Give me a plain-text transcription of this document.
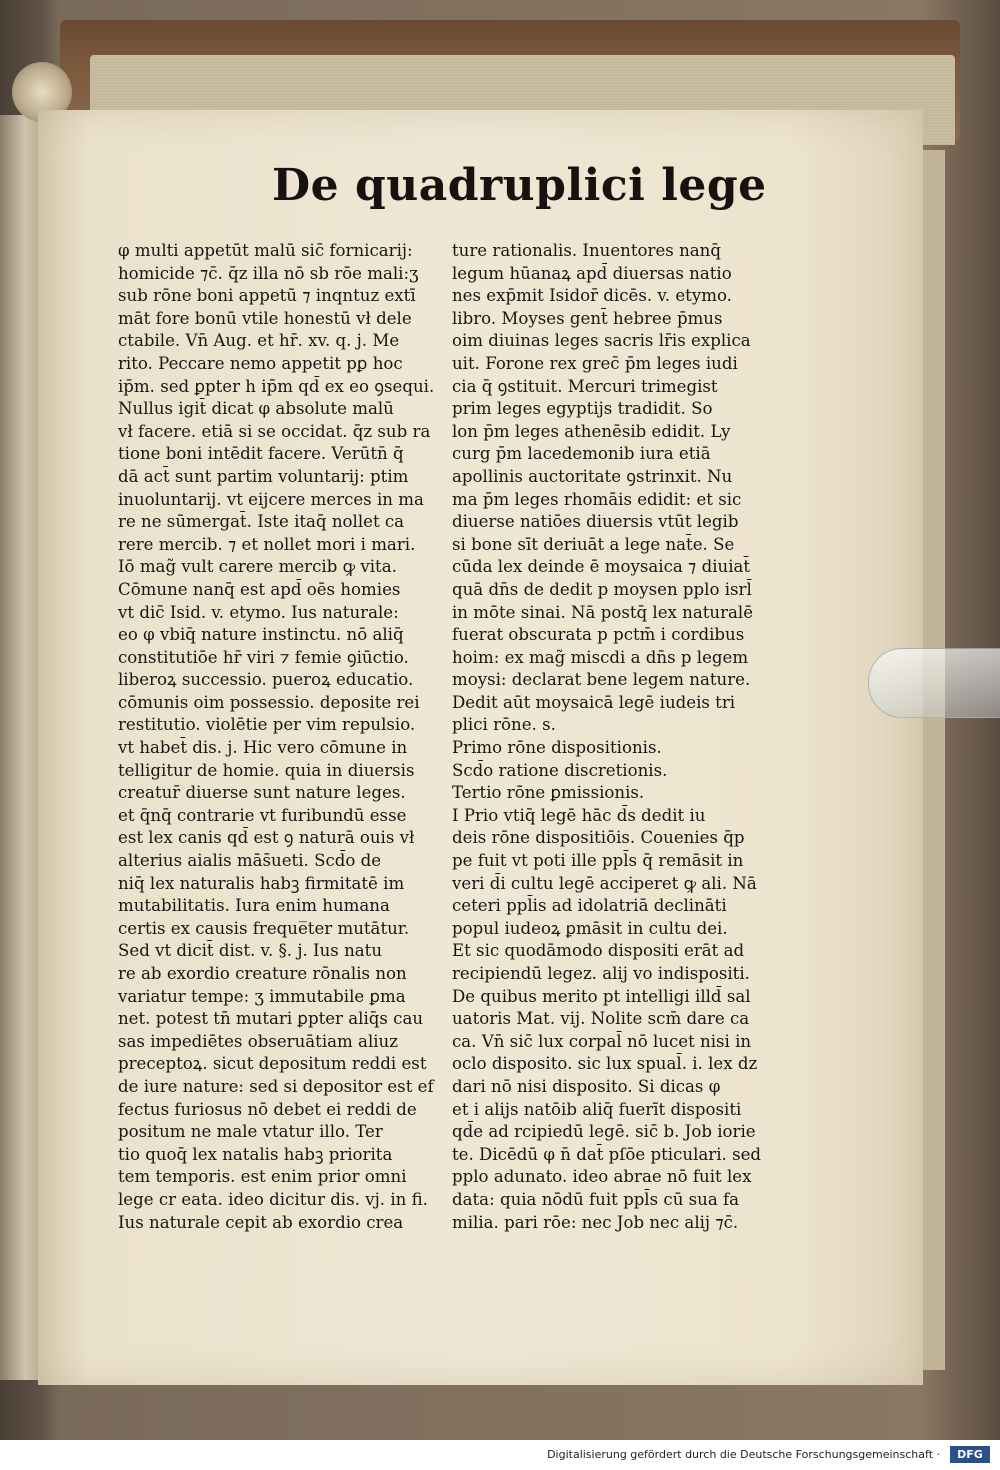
De quadruplici lege
φ multi appetūt malū sic̄ fornicarij:
homicide ⁊c̄. q̄z illa nō sb rōe mali:ʒ
sub rōne boni appetū ⁊ inqntuz extī
māt fore bonū vtile honestū vł dele
ctabile. Vn̄ Aug. et hr̄. xv. q. j. Me
rito. Peccare nemo appetit pꝑ hoc
ip̄m. sed ꝑpter h ip̄m qd̄ ex eo ꝯsequi.
Nullus igit̄ dicat φ absolute malū
vł facere. etiā si se occidat. q̄z sub ra
tione boni intēdit facere. Verūtn̄ q̄
dā act̄ sunt partim voluntarij: ptim
inuoluntarij. vt eijcere merces in ma
re ne sūmergat̄. Iste itaq̄ nollet ca
rere mercib. ⁊ et nollet mori i mari.
Iō mag̃ vult carere mercib ꝙ vita.
Cōmune nanq̄ est apd̄ oēs homies
vt dic̄ Isid. v. etymo. Ius naturale:
eo φ vbiq̄ nature instinctu. nō aliq̄
constitutiōe hr̄ viri ⁊ femie ꝯiūctio.
liberoꝝ successio. pueroꝝ educatio.
cōmunis oim possessio. deposite rei
restitutio. violētie per vim repulsio.
vt habet̄ dis. j. Hic vero cōmune in
telligitur de homie. quia in diuersis
creatur̄ diuerse sunt nature leges.
et q̄nq̄ contrarie vt furibundū esse
est lex canis qd̄ est ꝯ naturā ouis vł
alterius aialis mās̄ueti. Scd̄o de
niq̄ lex naturalis habꝫ firmitatē im
mutabilitatis. Iura enim humana
certis ex causis freque̅ter mutātur.
Sed vt dicit̄ dist. v. §. j. Ius natu
re ab exordio creature rōnalis non
variatur tempe: ʒ immutabile ꝑma
net. potest tn̄ mutari ꝑpter aliq̄s cau
sas impediētes obseruātiam aliuz
preceptoꝝ. sicut depositum reddi est
de iure nature: sed si depositor est ef
fectus furiosus nō debet ei reddi de
positum ne male vtatur illo. Ter
tio quoq̄ lex natalis habꝫ priorita
tem temporis. est enim prior omni
lege cr eata. ideo dicitur dis. vj. in fi.
Ius naturale cepit ab exordio crea
ture rationalis. Inuentores nanq̄
legum hūanaꝝ apd̄ diuersas natio
nes exp̄mit Isidor̄ dicēs. v. etymo.
libro. Moyses gent̄ hebree p̄mus
oim diuinas leges sacris lr̄is explica
uit. Forone rex grec̄ p̄m leges iudi
cia q̄ ꝯstituit. Mercuri trimegist
prim leges egyptijs tradidit. So
lon p̄m leges athenēsib edidit. Ly
curg p̄m lacedemonib iura etiā
apollinis auctoritate ꝯstrinxit. Nu
ma p̄m leges rhomāis edidit: et sic
diuerse natiōes diuersis vtūt legib
si bone sīt deriuāt a lege nat̄e. Se
cūda lex deinde ē moysaica ⁊ diuiat̄
quā dn̄s de dedit p moysen pplo isrl̄
in mōte sinai. Nā postq̄ lex naturalē
fuerat obscurata p pctm̄ i cordibus
hoim: ex mag̃ miscdi a dn̄s p legem
moysi: declarat bene legem nature.
Dedit aūt moysaicā legē iudeis tri
plici rōne. s.
Primo rōne dispositionis.
Scd̄o ratione discretionis.
Tertio rōne ꝑmissionis.
I Prio vtiq̄ legē hāc d̄s dedit iu
deis rōne dispositiōis. Couenies q̄p
pe fuit vt poti ille ppl̄s q̄ remāsit in
veri d̄i cultu legē acciperet ꝙ ali. Nā
ceteri ppl̄is ad idolatriā declināti
popul iudeoꝝ ꝑmāsit in cultu dei.
Et sic quodāmodo dispositi erāt ad
recipiendū legez. alij vo indispositi.
De quibus merito pt intelligi illd̄ sal
uatoris Mat. vij. Nolite scm̄ dare ca
ca. Vn̄ sic̄ lux corpal̄ nō lucet nisi in
oclo disposito. sic lux spual̄. i. lex dz
dari nō nisi disposito. Si dicas φ
et i alijs natōib aliq̄ fuerīt dispositi
qd̄e ad rcipiedū legē. sic̄ b. Job iorie
te. Dicēdū φ n̄ dat̄ pſōe pticulari. sed
pplo adunato. ideo abrae nō fuit lex
data: quia nōdū fuit ppl̄s cū sua fa
milia. pari rōe: nec Job nec alij ⁊c̄.
Digitalisierung gefördert durch die Deutsche Forschungsgemeinschaft ·	DFG
